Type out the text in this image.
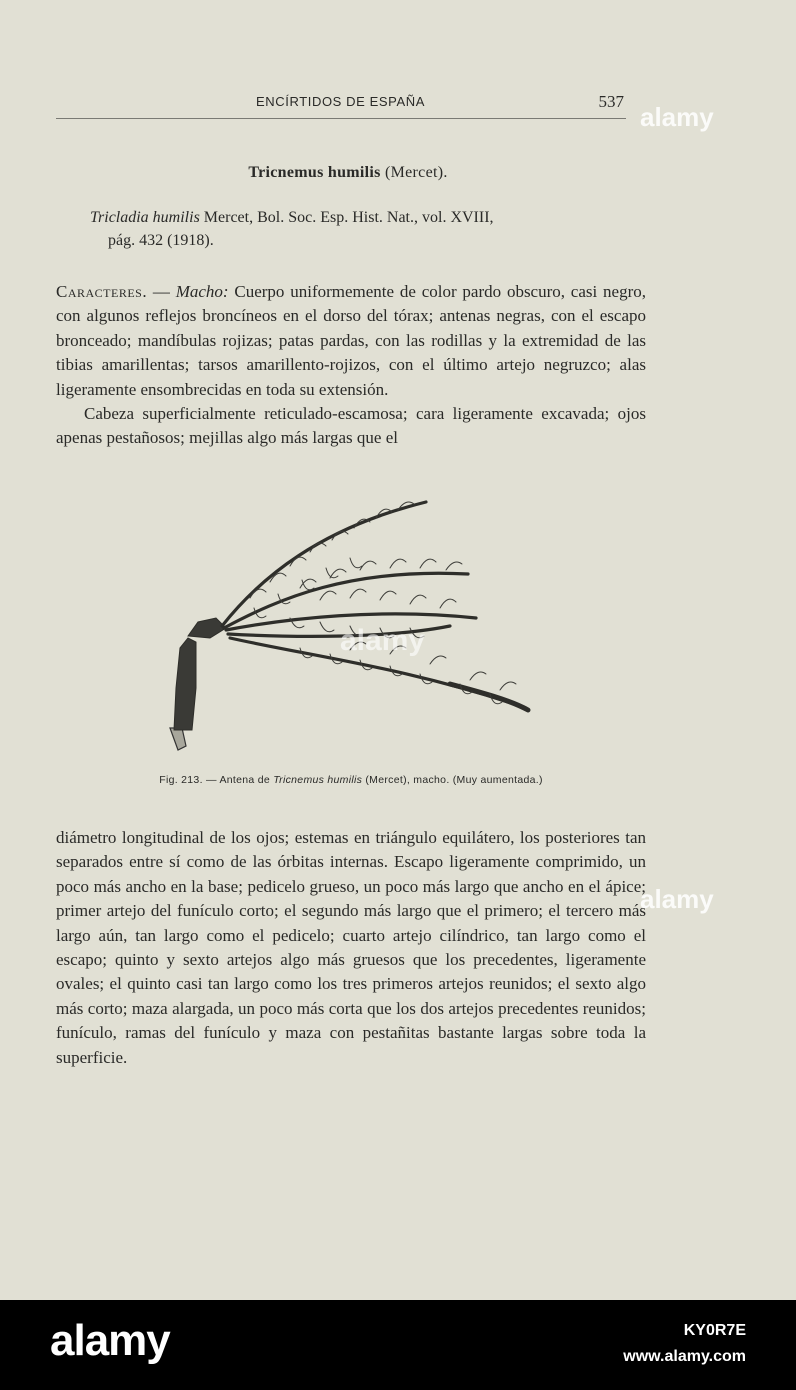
ENCÍRTIDOS DE ESPAÑA	537
Tricnemus humilis (Mercet).
Tricladia humilis Mercet, Bol. Soc. Esp. Hist. Nat., vol. XVIII,
pág. 432 (1918).

Caracteres. — Macho: Cuerpo uniformemente de color pardo obscuro, casi negro, con algunos reflejos broncíneos en el dorso del tórax; antenas negras, con el escapo bronceado; mandíbulas rojizas; patas pardas, con las rodillas y la extremidad de las tibias amarillentas; tarsos amarillento-rojizos, con el último artejo negruzco; alas ligeramente ensombrecidas en toda su extensión.

Cabeza superficialmente reticulado-escamosa; cara ligeramente excavada; ojos apenas pestañosos; mejillas algo más largas que el

Fig. 213. — Antena de Tricnemus humilis (Mercet), macho. (Muy aumentada.)

diámetro longitudinal de los ojos; estemas en triángulo equilátero, los posteriores tan separados entre sí como de las órbitas internas. Escapo ligeramente comprimido, un poco más ancho en la base; pedicelo grueso, un poco más largo que ancho en el ápice; primer artejo del funículo corto; el segundo más largo que el primero; el tercero más largo aún, tan largo como el pedicelo; cuarto artejo cilíndrico, tan largo como el escapo; quinto y sexto artejos algo más gruesos que los precedentes, ligeramente ovales; el quinto casi tan largo como los tres primeros artejos reunidos; el sexto algo más corto; maza alargada, un poco más corta que los dos artejos precedentes reunidos; funículo, ramas del funículo y maza con pestañitas bastante largas sobre toda la superficie.

alamy
alamy
alamy
alamy	KY0R7E
www.alamy.com
